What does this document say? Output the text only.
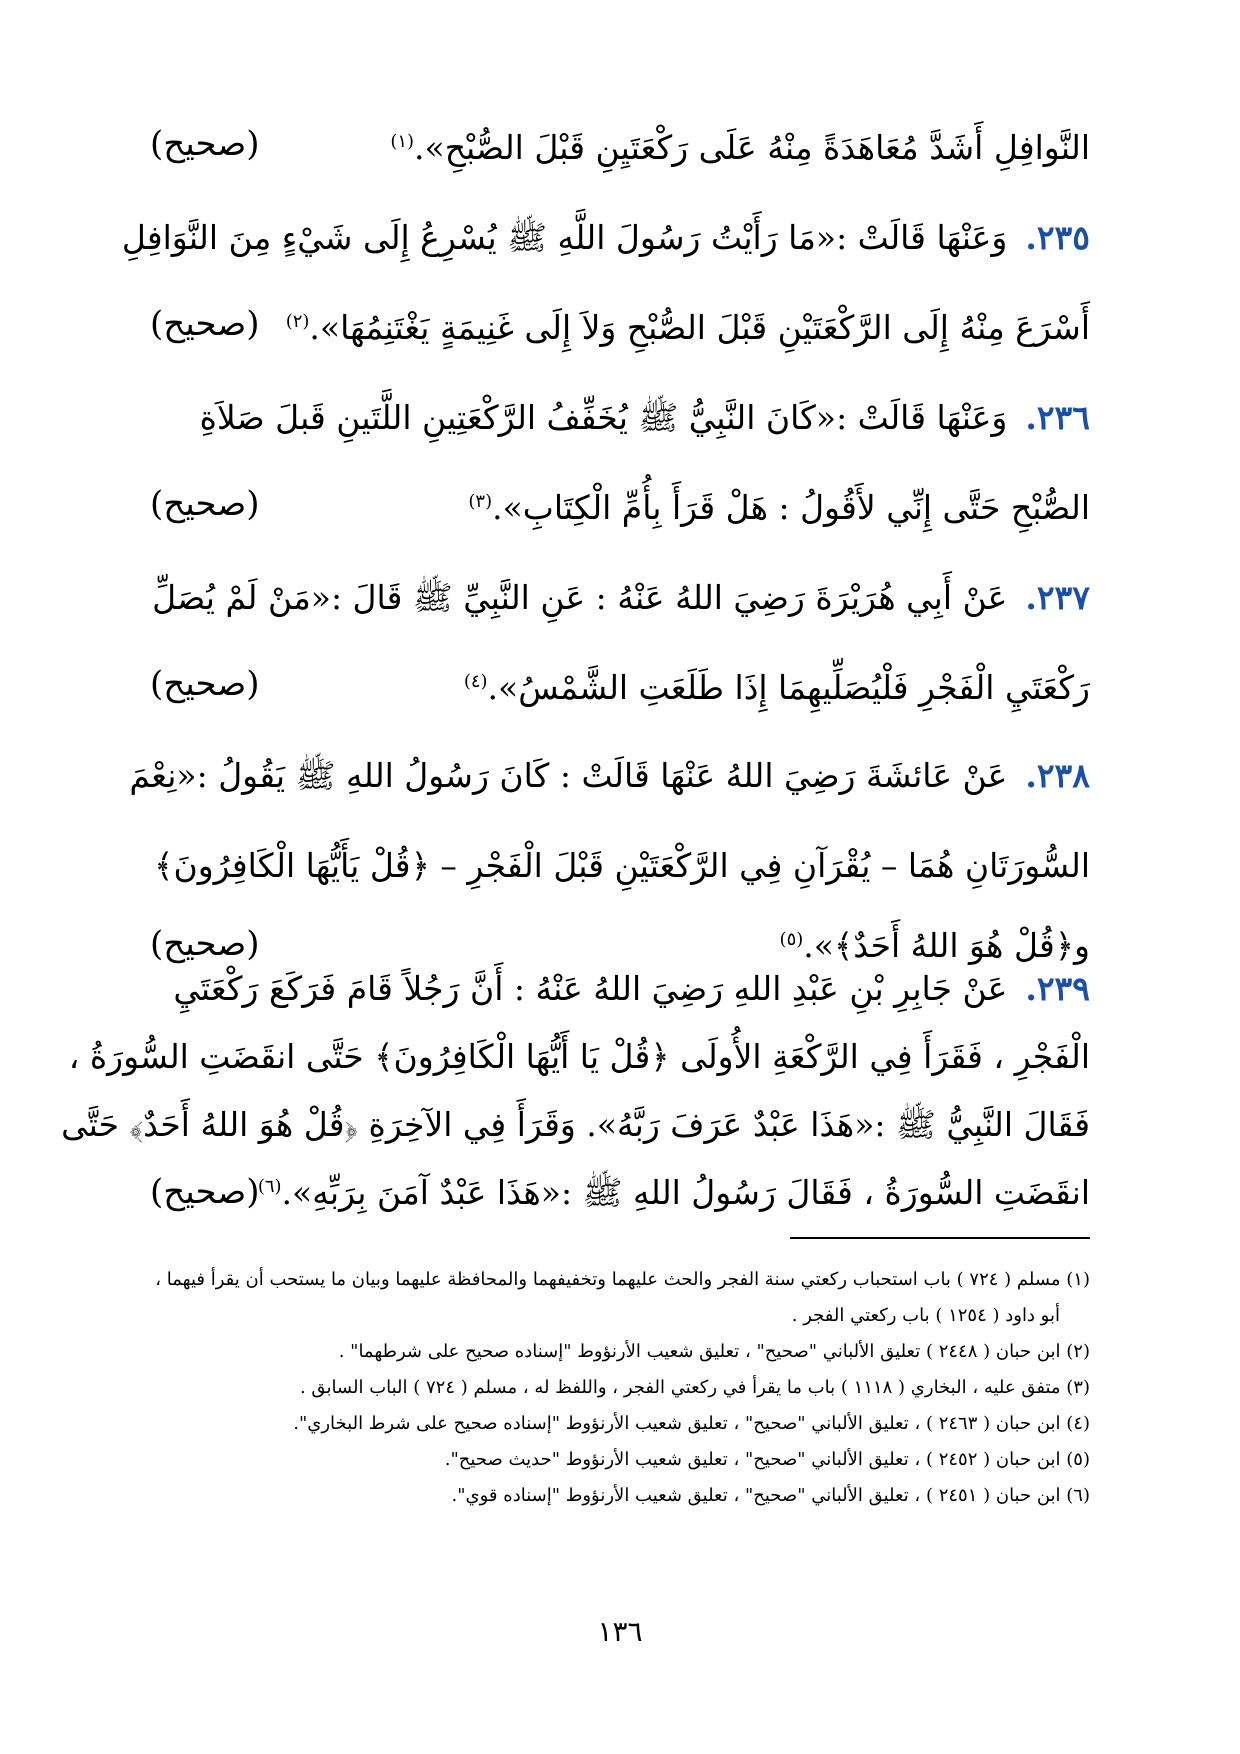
النَّوافِلِ أَشَدَّ مُعَاهَدَةً مِنْهُ عَلَى رَكْعَتَيِنِ قَبْلَ الصُّبْحِ».$^{(١)}$
(صحيح)
٢٣٥.وَعَنْهَا قَالَتْ :«مَا رَأَيْتُ رَسُولَ اللَّهِ ﷺ يُسْرِعُ إِلَى شَيْءٍ مِنَ النَّوَافِلِ
أَسْرَعَ مِنْهُ إِلَى الرَّكْعَتَيْنِ قَبْلَ الصُّبْحِ وَلاَ إِلَى غَنِيمَةٍ يَغْتَنِمُهَا».$^{(٢)}$
(صحيح)
٢٣٦.وَعَنْهَا قَالَتْ :«كَانَ النَّبِيُّ ﷺ يُخَفِّفُ الرَّكْعَتِينِ اللَّتَينِ قَبلَ صَلاَةِ
الصُّبْحِ حَتَّى إِنِّي لأَقُولُ : هَلْ قَرَأَ بِأُمِّ الْكِتَابِ».$^{(٣)}$
(صحيح)
٢٣٧.عَنْ أَبِي هُرَيْرَةَ رَضِيَ اللهُ عَنْهُ : عَنِ النَّبِيِّ ﷺ قَالَ :«مَنْ لَمْ يُصَلِّ
رَكْعَتَيِ الْفَجْرِ فَلْيُصَلِّيهِمَا إِذَا طَلَعَتِ الشَّمْسُ».$^{(٤)}$
(صحيح)
٢٣٨.عَنْ عَائشَةَ رَضِيَ اللهُ عَنْهَا قَالَتْ : كَانَ رَسُولُ اللهِ ﷺ يَقُولُ :«نِعْمَ
السُّورَتَانِ هُمَا – يُقْرَآنِ فِي الرَّكْعَتَيْنِ قَبْلَ الْفَجْرِ – ﴿قُلْ يَأَيُّهَا الْكَافِرُونَ﴾
و﴿قُلْ هُوَ اللهُ أَحَدٌ﴾».$^{(٥)}$
(صحيح)
٢٣٩.عَنْ جَابِرِ بْنِ عَبْدِ اللهِ رَضِيَ اللهُ عَنْهُ : أَنَّ رَجُلاً قَامَ فَرَكَعَ رَكْعَتَيِ
الْفَجْرِ ، فَقَرَأَ فِي الرَّكْعَةِ الأُولَى ﴿قُلْ يَا أَيُّهَا الْكَافِرُونَ﴾ حَتَّى انقَضَتِ السُّورَةُ ،
فَقَالَ النَّبِيُّ ﷺ :«هَذَا عَبْدٌ عَرَفَ رَبَّهُ». وَقَرَأَ فِي الآخِرَةِ ﴿قُلْ هُوَ اللهُ أَحَدٌ﴾ حَتَّى
انقَضَتِ السُّورَةُ ، فَقَالَ رَسُولُ اللهِ ﷺ :«هَذَا عَبْدٌ آمَنَ بِرَبِّهِ».$^{(٦)}$
(صحيح)
(١) مسلم ( ٧٢٤ ) باب استحباب ركعتي سنة الفجر والحث عليهما وتخفيفهما والمحافظة عليهما وبيان ما يستحب أن يقرأ فيهما ،
أبو داود ( ١٢٥٤ ) باب ركعتي الفجر .
(٢) ابن حبان ( ٢٤٤٨ ) تعليق الألباني "صحيح" ، تعليق شعيب الأرنؤوط "إسناده صحيح على شرطهما" .
(٣) متفق عليه ، البخاري ( ١١١٨ ) باب ما يقرأ في ركعتي الفجر ، واللفظ له ، مسلم ( ٧٢٤ ) الباب السابق .
(٤) ابن حبان ( ٢٤٦٣ ) ، تعليق الألباني "صحيح" ، تعليق شعيب الأرنؤوط "إسناده صحيح على شرط البخاري".
(٥) ابن حبان ( ٢٤٥٢ ) ، تعليق الألباني "صحيح" ، تعليق شعيب الأرنؤوط "حديث صحيح".
(٦) ابن حبان ( ٢٤٥١ ) ، تعليق الألباني "صحيح" ، تعليق شعيب الأرنؤوط "إسناده قوي".
١٣٦
